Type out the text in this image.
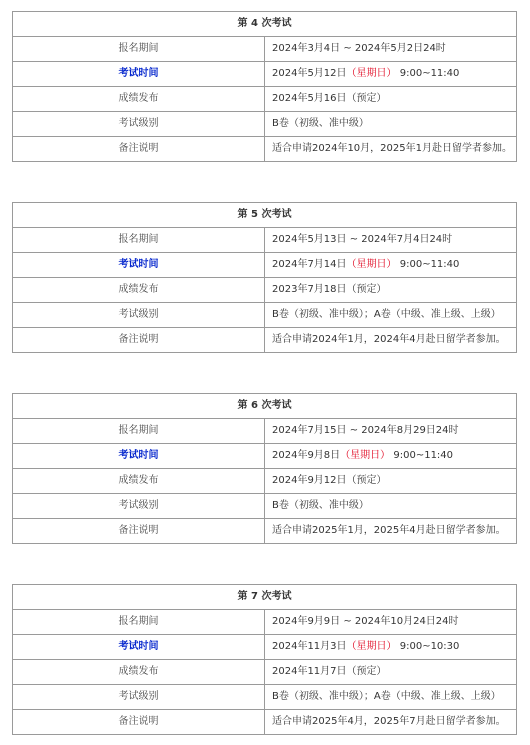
第 4 次考试	
报名期间	2024年3月4日 ~ 2024年5月2日24时
考试时间	2024年5月12日（星期日） 9:00~11:40
成绩发布	2024年5月16日（预定）
考试级别	B卷（初级、准中级）
备注说明	适合申请2024年10月，2025年1月赴日留学者参加。
第 5 次考试	
报名期间	2024年5月13日 ~ 2024年7月4日24时
考试时间	2024年7月14日（星期日） 9:00~11:40
成绩发布	2023年7月18日（预定）
考试级别	B卷（初级、准中级）；A卷（中级、准上级、上级）
备注说明	适合申请2024年1月，2024年4月赴日留学者参加。
第 6 次考试	
报名期间	2024年7月15日 ~ 2024年8月29日24时
考试时间	2024年9月8日（星期日） 9:00~11:40
成绩发布	2024年9月12日（预定）
考试级别	B卷（初级、准中级）
备注说明	适合申请2025年1月，2025年4月赴日留学者参加。
第 7 次考试	
报名期间	2024年9月9日 ~ 2024年10月24日24时
考试时间	2024年11月3日（星期日） 9:00~10:30
成绩发布	2024年11月7日（预定）
考试级别	B卷（初级、准中级）；A卷（中级、准上级、上级）
备注说明	适合申请2025年4月，2025年7月赴日留学者参加。
